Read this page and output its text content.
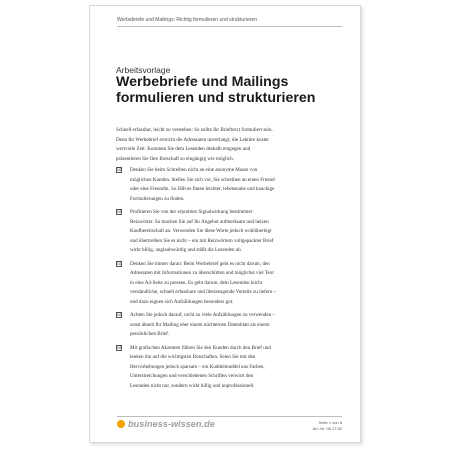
Werbebriefe und Mailings: Richtig formulieren und strukturieren
Arbeitsvorlage
Werbebriefe und Mailings
formulieren und strukturieren
Schnell erfassbar, leicht zu verstehen: So sollte Ihr Briefterxt formuliert sein.
Denn Ihr Werbebrief erreicht die Adressaten unverlangt; die Lektüre kostet
wertvolle Zeit. Kommen Sie dem Lesenden deshalb entgegen und
präsentieren Sie Ihre Botschaft so eingängig wie möglich.
☑ Denken Sie beim Schreiben nicht an eine anonyme Masse von
möglichen Kunden. Stellen Sie sich vor, Sie schreiben an einen Freund
oder eine Freundin. So fällt es Ihnen leichter, lebensnahe und knackige
Formulierungen zu finden.
☑ Profitieren Sie von der erprobten Signalwirkung bestimmter
Reizwörter. So machen Sie auf Ihr Angebot aufmerksam und heizen
Kaufbereitschaft an. Verwenden Sie diese Worte jedoch wohlüberlegt
und übertreiben Sie es nicht – ein mit Reizwörtern vollgepackter Brief
wirkt billig, unglaubwürdig und stößt die Lesenden ab.
☑ Denken Sie immer daran: Beim Werbebrief geht es nicht darum, den
Adressaten mit Informationen zu überschütten und möglichst viel Text
in eine A4-Seite zu pressen. Es geht darum, dem Lesenden leicht
verständliche, schnell erfassbare und überzeugende Vorteile zu liefern –
und dazu eignen sich Aufzählungen besonders gut.
☑ Achten Sie jedoch darauf, nicht zu viele Aufzählungen zu verwenden –
sonst ähnelt Ihr Mailing eher einem nüchternen Datenblatt als einem
persönlichen Brief.
☑ Mit grafischen Akzenten führen Sie den Kunden durch den Brief und
lenken ihn auf die wichtigsten Botschaften. Seien Sie mit den
Hervorhebungen jedoch sparsam – ein Kuddelmuddel aus Farben,
Unterstreichungen und verschiedenen Schriften verwirrt den
Lesenden nicht nur, sondern wirkt billig und unprofessionell.
business-wissen.de	Seite 1 von 6
Art.-Nr. 06.17.52
